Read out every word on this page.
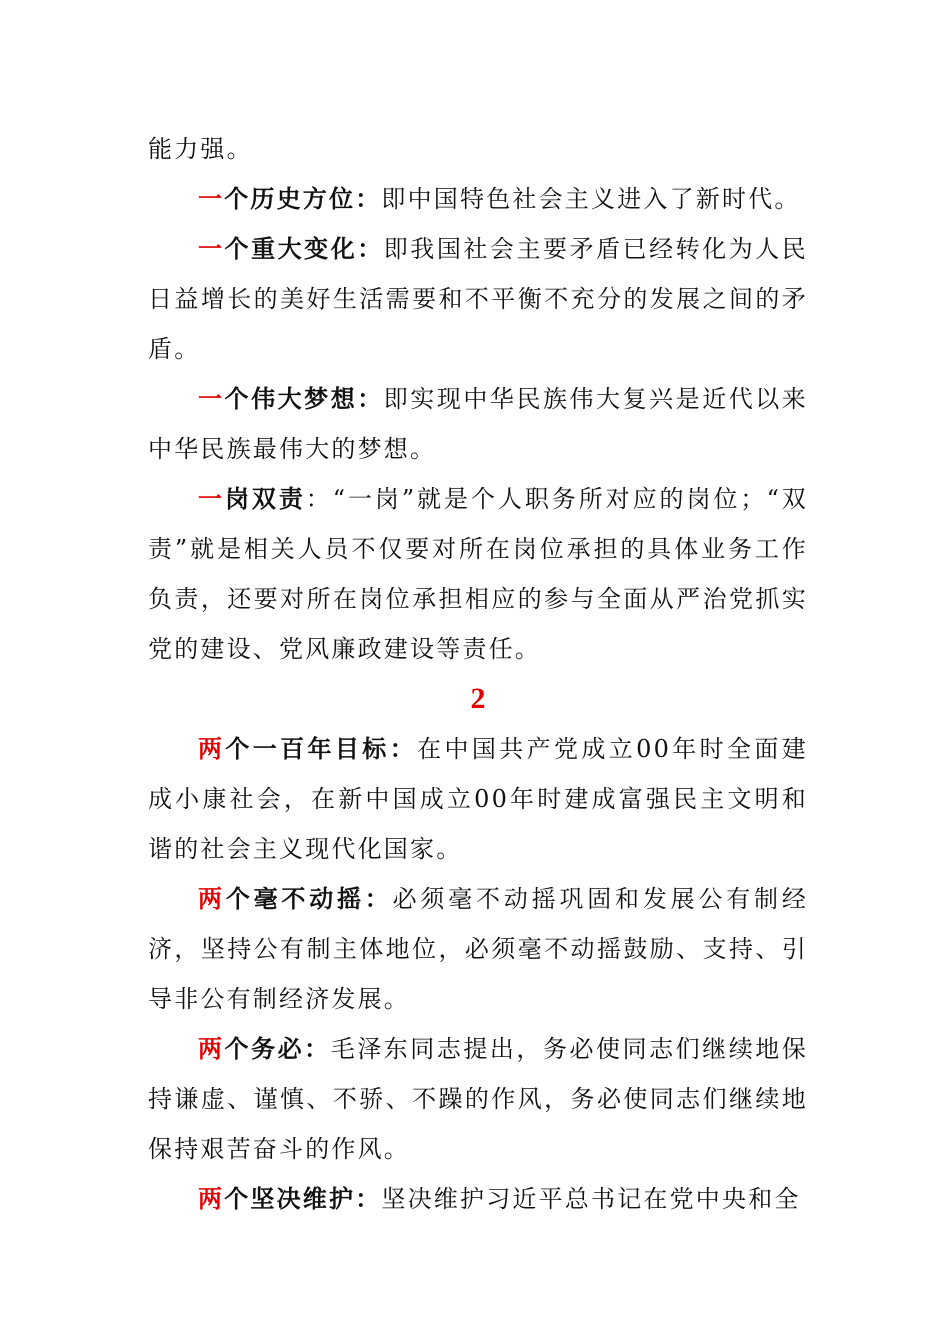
能力强。

一个历史方位：即中国特色社会主义进入了新时代。

一个重大变化：即我国社会主要矛盾已经转化为人民日益增长的美好生活需要和不平衡不充分的发展之间的矛盾。

一个伟大梦想：即实现中华民族伟大复兴是近代以来中华民族最伟大的梦想。

一岗双责：“一岗”就是个人职务所对应的岗位；“双责”就是相关人员不仅要对所在岗位承担的具体业务工作负责，还要对所在岗位承担相应的参与全面从严治党抓实党的建设、党风廉政建设等责任。

2

两个一百年目标：在中国共产党成立00年时全面建成小康社会，在新中国成立00年时建成富强民主文明和谐的社会主义现代化国家。

两个毫不动摇：必须毫不动摇巩固和发展公有制经济，坚持公有制主体地位，必须毫不动摇鼓励、支持、引导非公有制经济发展。

两个务必：毛泽东同志提出，务必使同志们继续地保持谦虚、谨慎、不骄、不躁的作风，务必使同志们继续地保持艰苦奋斗的作风。

两个坚决维护：坚决维护习近平总书记在党中央和全
